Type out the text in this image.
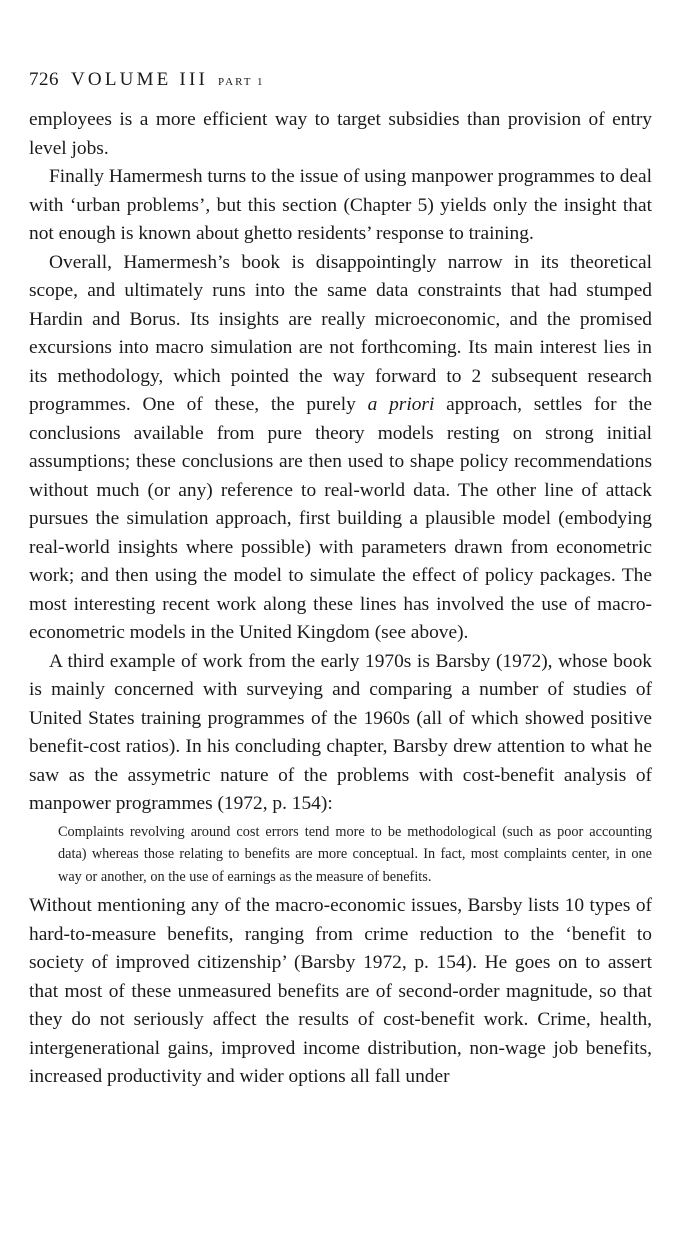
726 VOLUME III PART 1

employees is a more efficient way to target subsidies than provision of entry level jobs.

Finally Hamermesh turns to the issue of using manpower programmes to deal with ‘urban problems’, but this section (Chapter 5) yields only the insight that not enough is known about ghetto residents’ response to training.

Overall, Hamermesh’s book is disappointingly narrow in its theoretical scope, and ultimately runs into the same data constraints that had stumped Hardin and Borus. Its insights are really microeconomic, and the promised excursions into macro simulation are not forthcoming. Its main interest lies in its methodology, which pointed the way forward to 2 subsequent research programmes. One of these, the purely a priori approach, settles for the conclusions available from pure theory models resting on strong initial assumptions; these conclusions are then used to shape policy recommendations without much (or any) reference to real-world data. The other line of attack pursues the simulation approach, first building a plausible model (embodying real-world insights where possible) with parameters drawn from econometric work; and then using the model to simulate the effect of policy packages. The most interesting recent work along these lines has involved the use of macro-econometric models in the United Kingdom (see above).

A third example of work from the early 1970s is Barsby (1972), whose book is mainly concerned with surveying and comparing a number of studies of United States training programmes of the 1960s (all of which showed positive benefit-cost ratios). In his concluding chapter, Barsby drew attention to what he saw as the assymetric nature of the problems with cost-benefit analysis of manpower programmes (1972, p. 154):

Complaints revolving around cost errors tend more to be methodological (such as poor accounting data) whereas those relating to benefits are more conceptual. In fact, most complaints center, in one way or another, on the use of earnings as the measure of benefits.

Without mentioning any of the macro-economic issues, Barsby lists 10 types of hard-to-measure benefits, ranging from crime reduction to the ‘benefit to society of improved citizenship’ (Barsby 1972, p. 154). He goes on to assert that most of these unmeasured benefits are of second-order magnitude, so that they do not seriously affect the results of cost-benefit work. Crime, health, intergenerational gains, improved income distribution, non-wage job benefits, increased productivity and wider options all fall under
